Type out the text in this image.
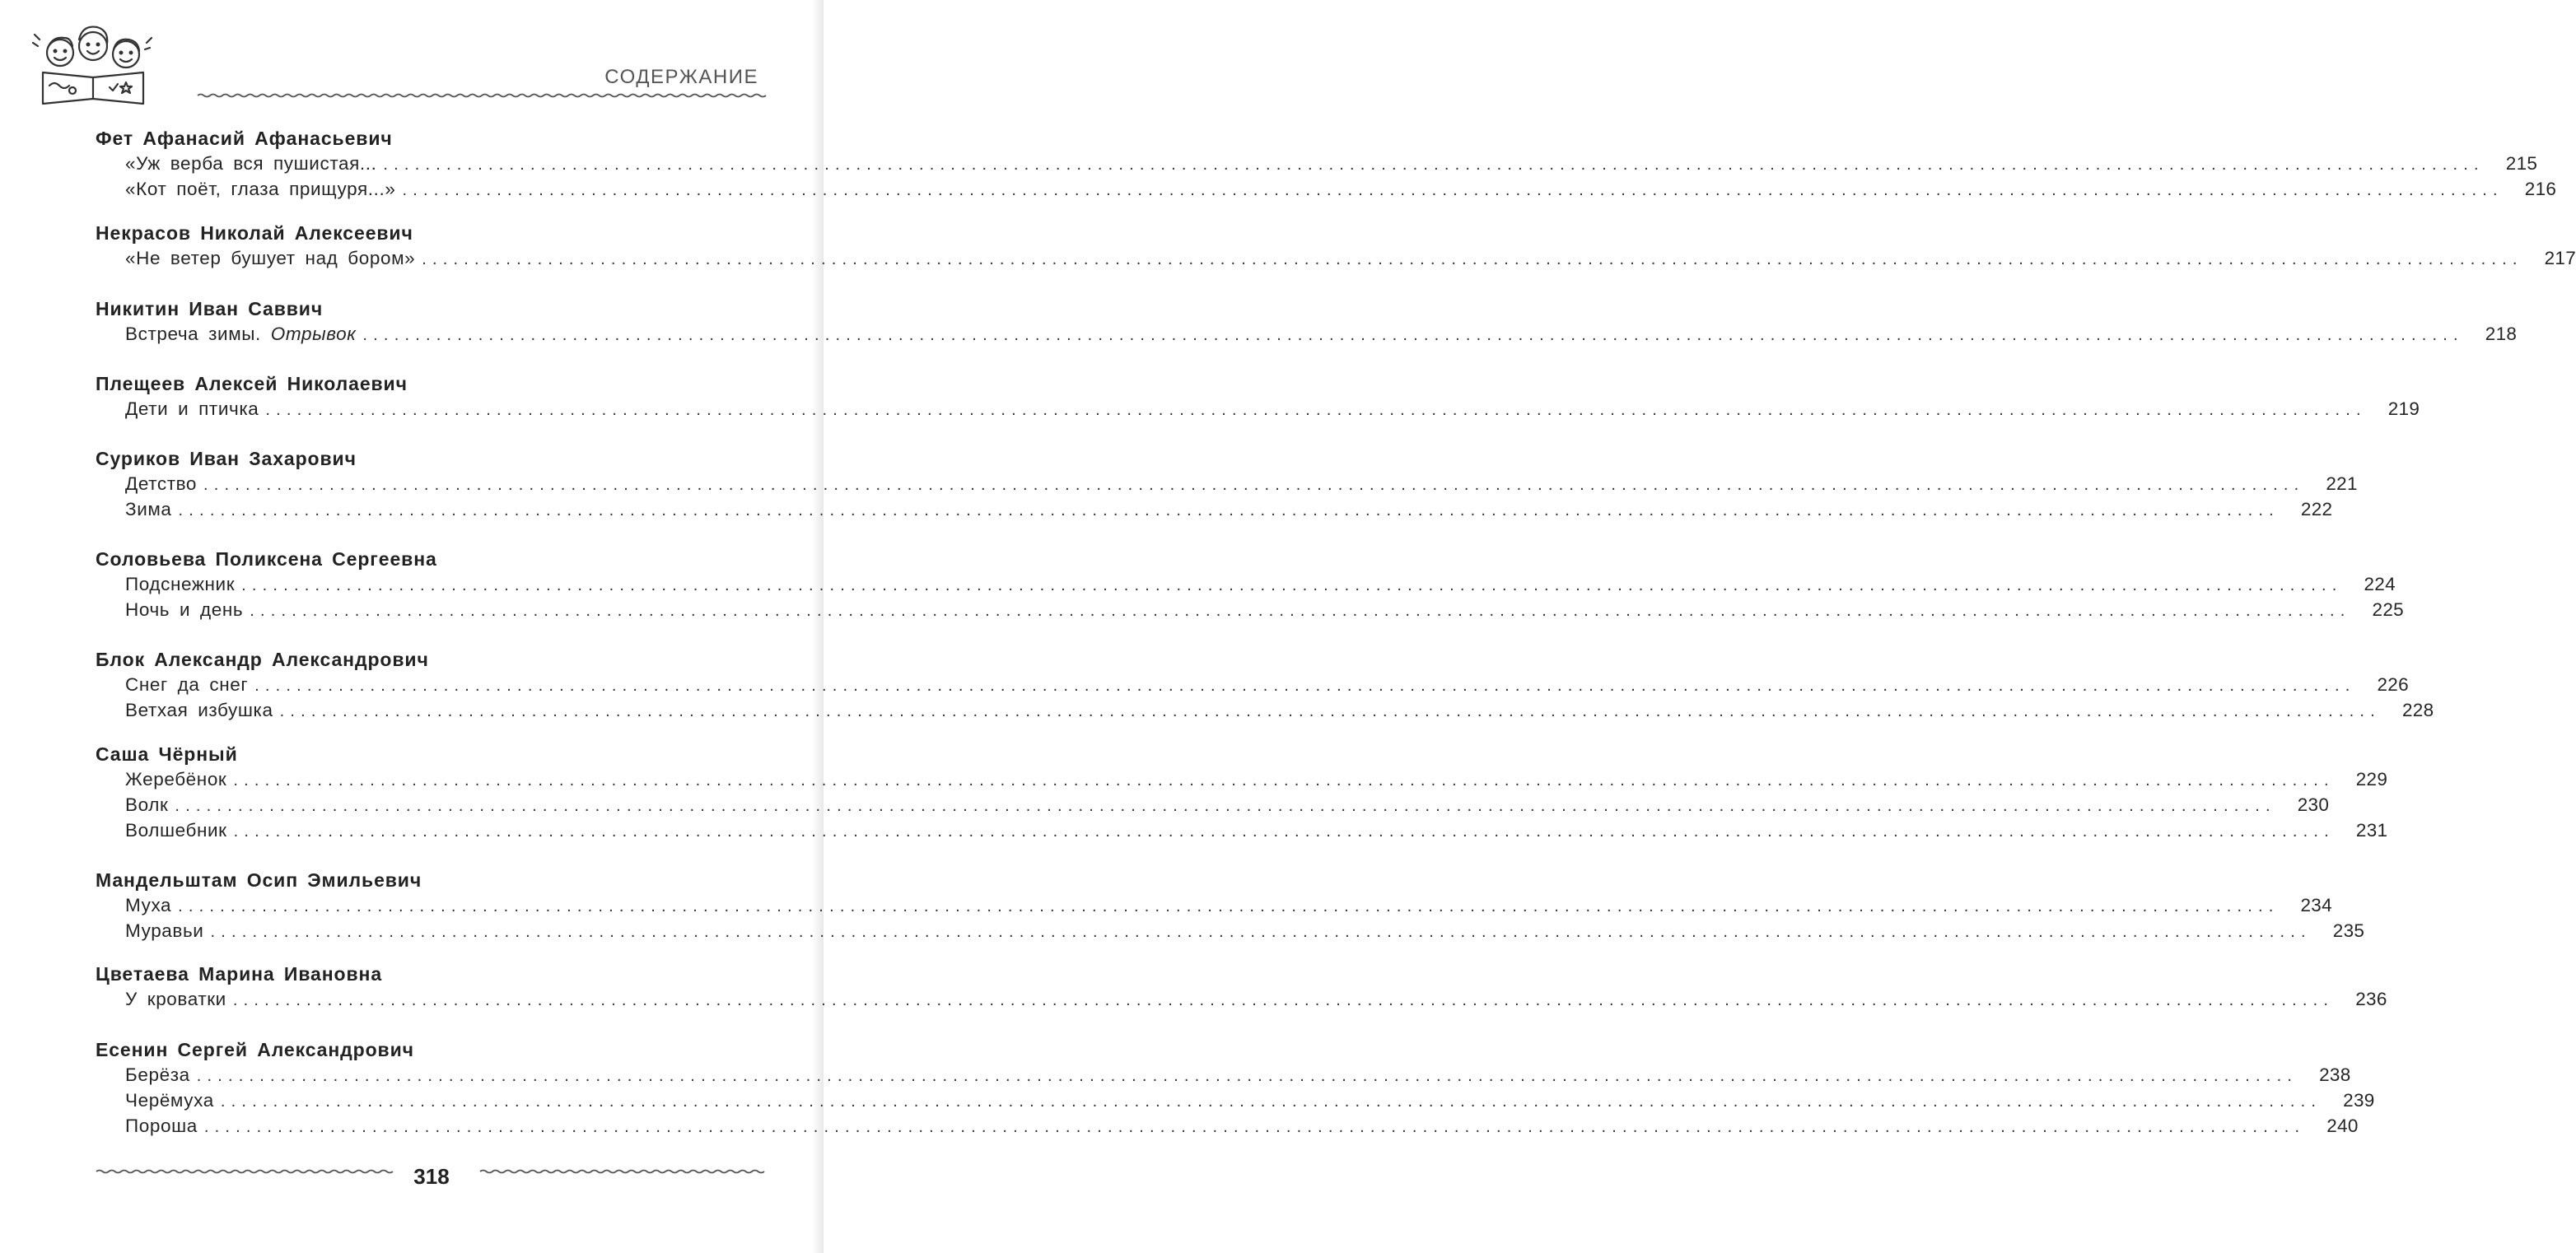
СОДЕРЖАНИЕ
Фет Афанасий Афанасьевич
«Уж верба вся пушистая... ........................................................................................................................................................................................................	215
«Кот поёт, глаза прищуря...» ........................................................................................................................................................................................................	216
Некрасов Николай Алексеевич
«Не ветер бушует над бором» ........................................................................................................................................................................................................	217
Никитин Иван Саввич
Встреча зимы. Отрывок ........................................................................................................................................................................................................	218
Плещеев Алексей Николаевич
Дети и птичка ........................................................................................................................................................................................................	219
Суриков Иван Захарович
Детство ........................................................................................................................................................................................................	221
Зима ........................................................................................................................................................................................................	222
Соловьева Поликсена Сергеевна
Подснежник ........................................................................................................................................................................................................	224
Ночь и день ........................................................................................................................................................................................................	225
Блок Александр Александрович
Снег да снег ........................................................................................................................................................................................................	226
Ветхая избушка ........................................................................................................................................................................................................	228
Саша Чёрный
Жеребёнок ........................................................................................................................................................................................................	229
Волк ........................................................................................................................................................................................................	230
Волшебник ........................................................................................................................................................................................................	231
Мандельштам Осип Эмильевич
Муха ........................................................................................................................................................................................................	234
Муравьи ........................................................................................................................................................................................................	235
Цветаева Марина Ивановна
У кроватки ........................................................................................................................................................................................................	236
Есенин Сергей Александрович
Берёза ........................................................................................................................................................................................................	238
Черёмуха ........................................................................................................................................................................................................	239
Пороша ........................................................................................................................................................................................................	240
318
